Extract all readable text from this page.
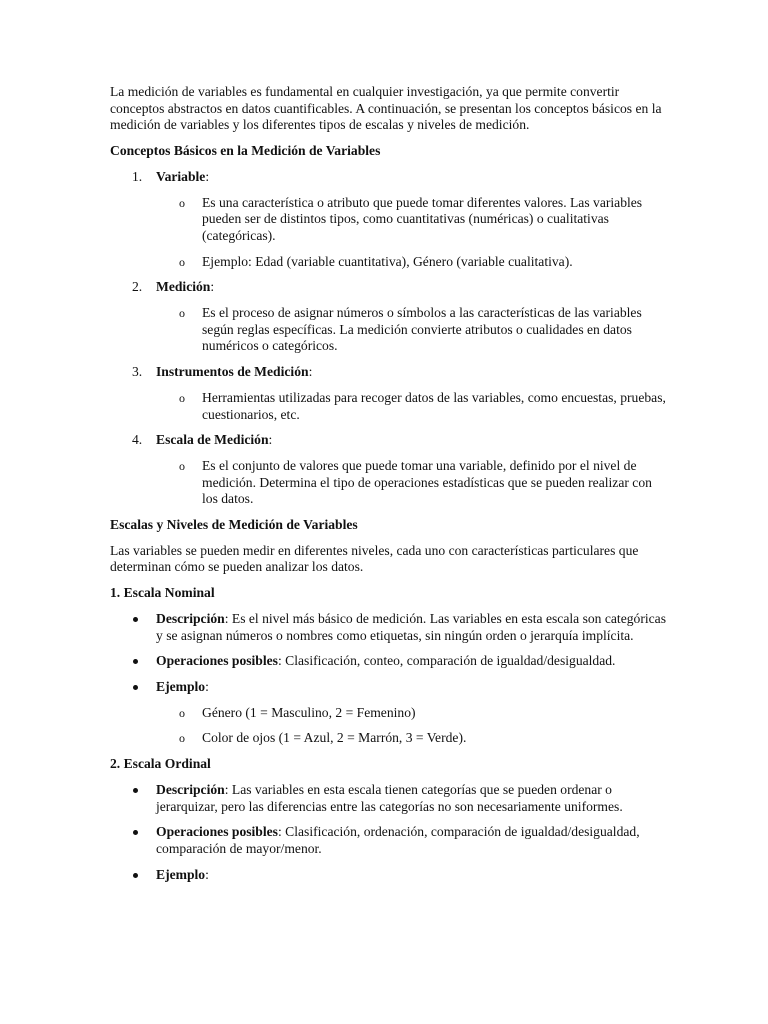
La medición de variables es fundamental en cualquier investigación, ya que permite convertir conceptos abstractos en datos cuantificables. A continuación, se presentan los conceptos básicos en la medición de variables y los diferentes tipos de escalas y niveles de medición.

Conceptos Básicos en la Medición de Variables

1. Variable:
o Es una característica o atributo que puede tomar diferentes valores. Las variables pueden ser de distintos tipos, como cuantitativas (numéricas) o cualitativas (categóricas).
o Ejemplo: Edad (variable cuantitativa), Género (variable cualitativa).
2. Medición:
o Es el proceso de asignar números o símbolos a las características de las variables según reglas específicas. La medición convierte atributos o cualidades en datos numéricos o categóricos.
3. Instrumentos de Medición:
o Herramientas utilizadas para recoger datos de las variables, como encuestas, pruebas, cuestionarios, etc.
4. Escala de Medición:
o Es el conjunto de valores que puede tomar una variable, definido por el nivel de medición. Determina el tipo de operaciones estadísticas que se pueden realizar con los datos.

Escalas y Niveles de Medición de Variables

Las variables se pueden medir en diferentes niveles, cada uno con características particulares que determinan cómo se pueden analizar los datos.

1. Escala Nominal

Descripción: Es el nivel más básico de medición. Las variables en esta escala son categóricas y se asignan números o nombres como etiquetas, sin ningún orden o jerarquía implícita.
Operaciones posibles: Clasificación, conteo, comparación de igualdad/desigualdad.
Ejemplo:
o Género (1 = Masculino, 2 = Femenino)
o Color de ojos (1 = Azul, 2 = Marrón, 3 = Verde).

2. Escala Ordinal

Descripción: Las variables en esta escala tienen categorías que se pueden ordenar o jerarquizar, pero las diferencias entre las categorías no son necesariamente uniformes.
Operaciones posibles: Clasificación, ordenación, comparación de igualdad/desigualdad, comparación de mayor/menor.
Ejemplo:
